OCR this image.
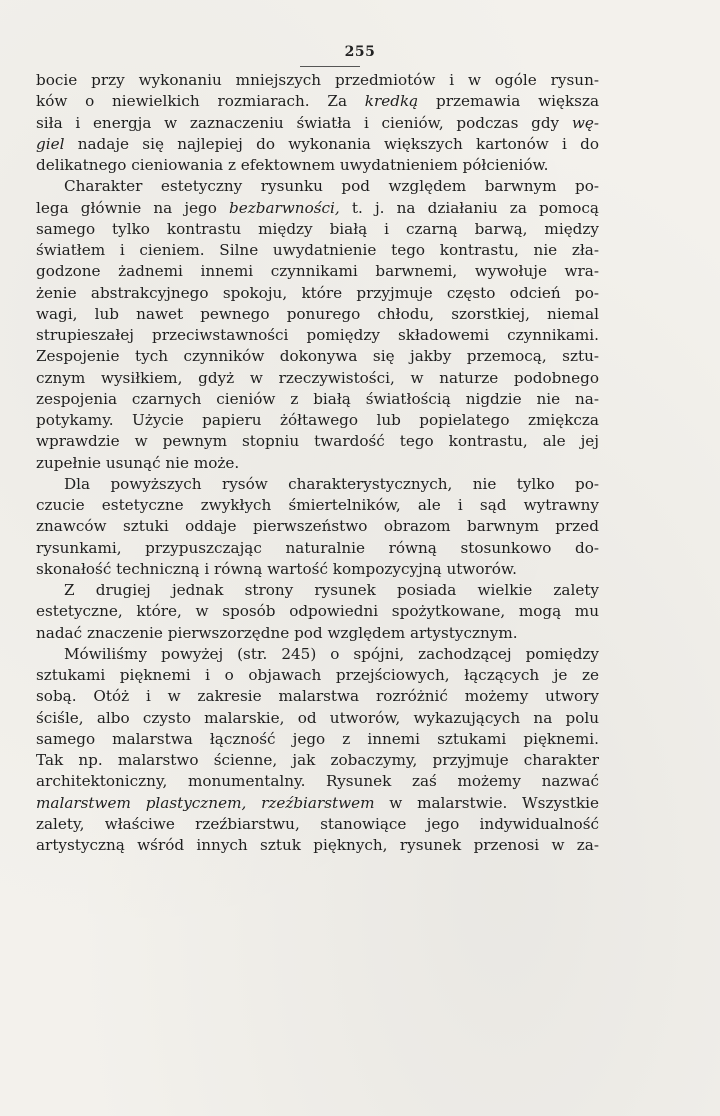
255
bocie przy wykonaniu mniejszych przedmiotów i w ogóle rysun-
ków o niewielkich rozmiarach. Za kredką przemawia większa
siła i energja w zaznaczeniu światła i cieniów, podczas gdy wę-
giel nadaje się najlepiej do wykonania większych kartonów i do
delikatnego cieniowania z efektownem uwydatnieniem półcieniów.
Charakter estetyczny rysunku pod względem barwnym po-
lega głównie na jego bezbarwności, t. j. na działaniu za pomocą
samego tylko kontrastu między białą i czarną barwą, między
światłem i cieniem. Silne uwydatnienie tego kontrastu, nie zła-
godzone żadnemi innemi czynnikami barwnemi, wywołuje wra-
żenie abstrakcyjnego spokoju, które przyjmuje często odcień po-
wagi, lub nawet pewnego ponurego chłodu, szorstkiej, niemal
strupieszałej przeciwstawności pomiędzy składowemi czynnikami.
Zespojenie tych czynników dokonywa się jakby przemocą, sztu-
cznym wysiłkiem, gdyż w rzeczywistości, w naturze podobnego
zespojenia czarnych cieniów z białą światłością nigdzie nie na-
potykamy. Użycie papieru żółtawego lub popielatego zmiękcza
wprawdzie w pewnym stopniu twardość tego kontrastu, ale jej
zupełnie usunąć nie może.
Dla powyższych rysów charakterystycznych, nie tylko po-
czucie estetyczne zwykłych śmiertelników, ale i sąd wytrawny
znawców sztuki oddaje pierwszeństwo obrazom barwnym przed
rysunkami, przypuszczając naturalnie równą stosunkowo do-
skonałość techniczną i równą wartość kompozycyjną utworów.
Z drugiej jednak strony rysunek posiada wielkie zalety
estetyczne, które, w sposób odpowiedni spożytkowane, mogą mu
nadać znaczenie pierwszorzędne pod względem artystycznym.
Mówiliśmy powyżej (str. 245) o spójni, zachodzącej pomiędzy
sztukami pięknemi i o objawach przejściowych, łączących je ze
sobą. Otóż i w zakresie malarstwa rozróżnić możemy utwory
ściśle, albo czysto malarskie, od utworów, wykazujących na polu
samego malarstwa łączność jego z innemi sztukami pięknemi.
Tak np. malarstwo ścienne, jak zobaczymy, przyjmuje charakter
architektoniczny, monumentalny. Rysunek zaś możemy nazwać
malarstwem plastycznem, rzeźbiarstwem w malarstwie. Wszystkie
zalety, właściwe rzeźbiarstwu, stanowiące jego indywidualność
artystyczną wśród innych sztuk pięknych, rysunek przenosi w za-
